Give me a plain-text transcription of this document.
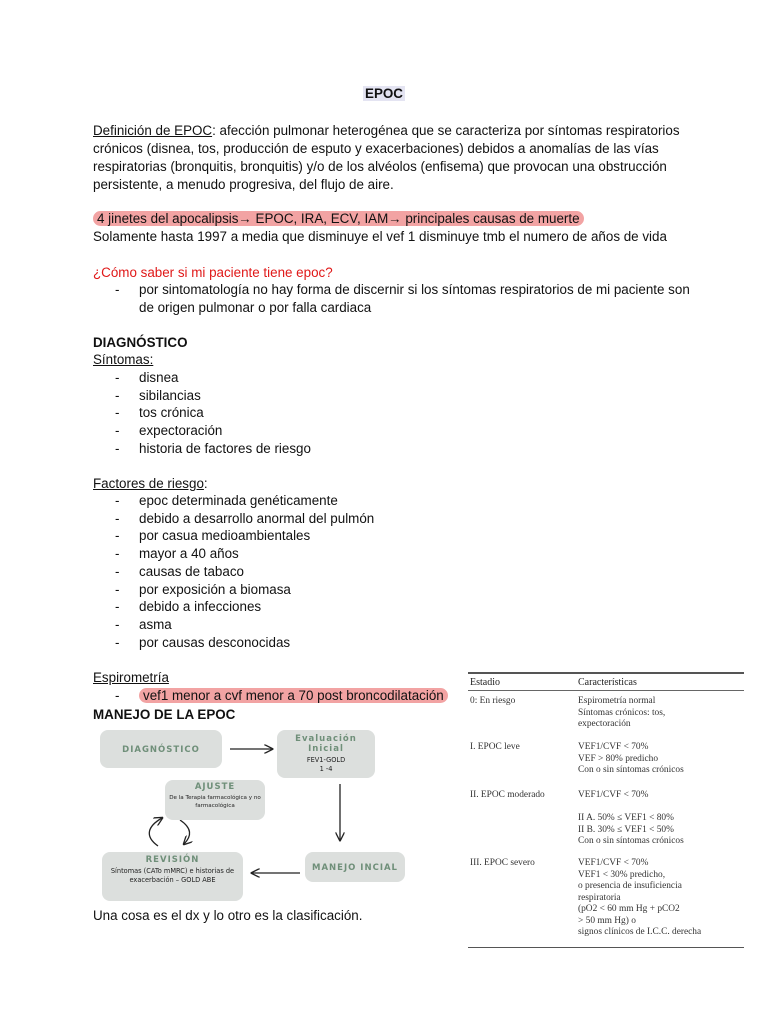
EPOC
Definición de EPOC: afección pulmonar heterogénea que se caracteriza por síntomas respiratorios crónicos (disnea, tos, producción de esputo y exacerbaciones) debidos a anomalías de las vías respiratorias (bronquitis, bronquitis) y/o de los alvéolos (enfisema) que provocan una obstrucción persistente, a menudo progresiva, del flujo de aire.
4 jinetes del apocalipsis→ EPOC, IRA, ECV, IAM→ principales causas de muerte
Solamente hasta 1997 a media que disminuye el vef 1 disminuye tmb el numero de años de vida
¿Cómo saber si mi paciente tiene epoc?
- por sintomatología no hay forma de discernir si los síntomas respiratorios de mi paciente son de origen pulmonar o por falla cardiaca
DIAGNÓSTICO
Síntomas:
- disnea
- sibilancias
- tos crónica
- expectoración
- historia de factores de riesgo
Factores de riesgo:
- epoc determinada genéticamente
- debido a desarrollo anormal del pulmón
- por casua medioambientales
- mayor a 40 años
- causas de tabaco
- por exposición a biomasa
- debido a infecciones
- asma
- por causas desconocidas
Espirometría
- vef1 menor a cvf menor a 70 post broncodilatación
MANEJO DE LA EPOC
DIAGNÓSTICO
Evaluación Inicial
FEV1-GOLD
1 -4
AJUSTE
De la Terapia farmacológica y no farmacológica
REVISIÓN
Síntomas (CATo mMRC) e historias de exacerbación – GOLD ABE
MANEJO INCIAL
Una cosa es el dx y lo otro es la clasificación.
Estadio	Características
0: En riesgo	Espirometría normal
Síntomas crónicos: tos,
expectoración
I. EPOC leve	VEF1/CVF < 70%
VEF > 80% predicho
Con o sin síntomas crónicos
II. EPOC moderado	VEF1/CVF < 70%
II A. 50% ≤ VEF1 < 80%
II B. 30% ≤ VEF1 < 50%
Con o sin síntomas crónicos
III. EPOC severo	VEF1/CVF < 70%
VEF1 < 30% predicho,
o presencia de insuficiencia
respiratoria
(pO2 < 60 mm Hg + pCO2
> 50 mm Hg) o
signos clínicos de I.C.C. derecha
